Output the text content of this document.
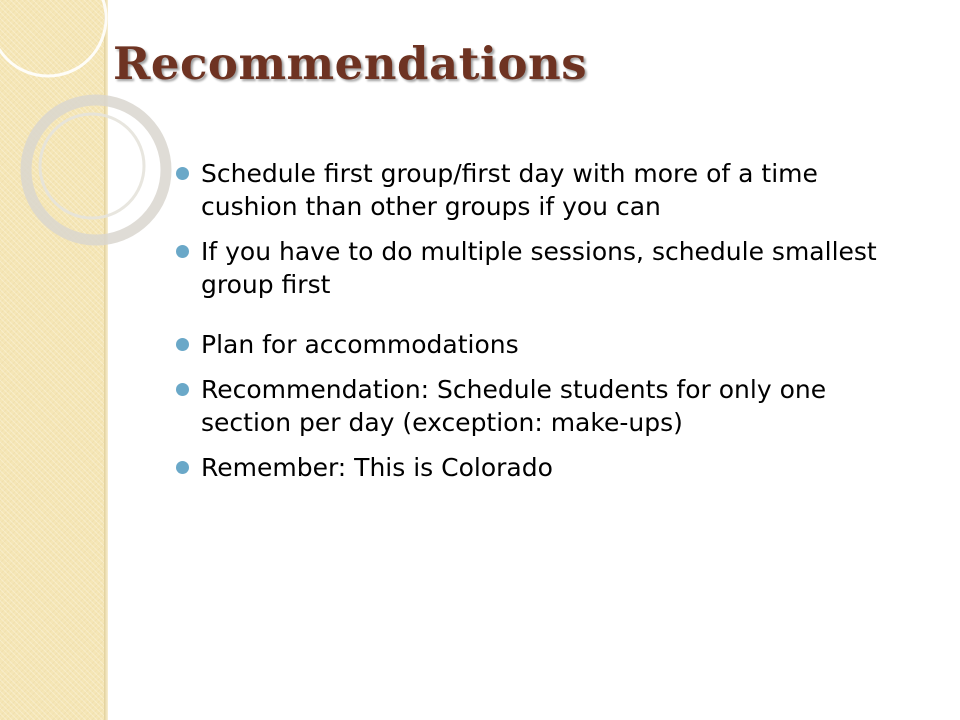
Recommendations
Schedule first group/first day with more of a time cushion than other groups if you can
If you have to do multiple sessions, schedule smallest group first
Plan for accommodations
Recommendation: Schedule students for only one section per day (exception: make-ups)
Remember: This is Colorado
